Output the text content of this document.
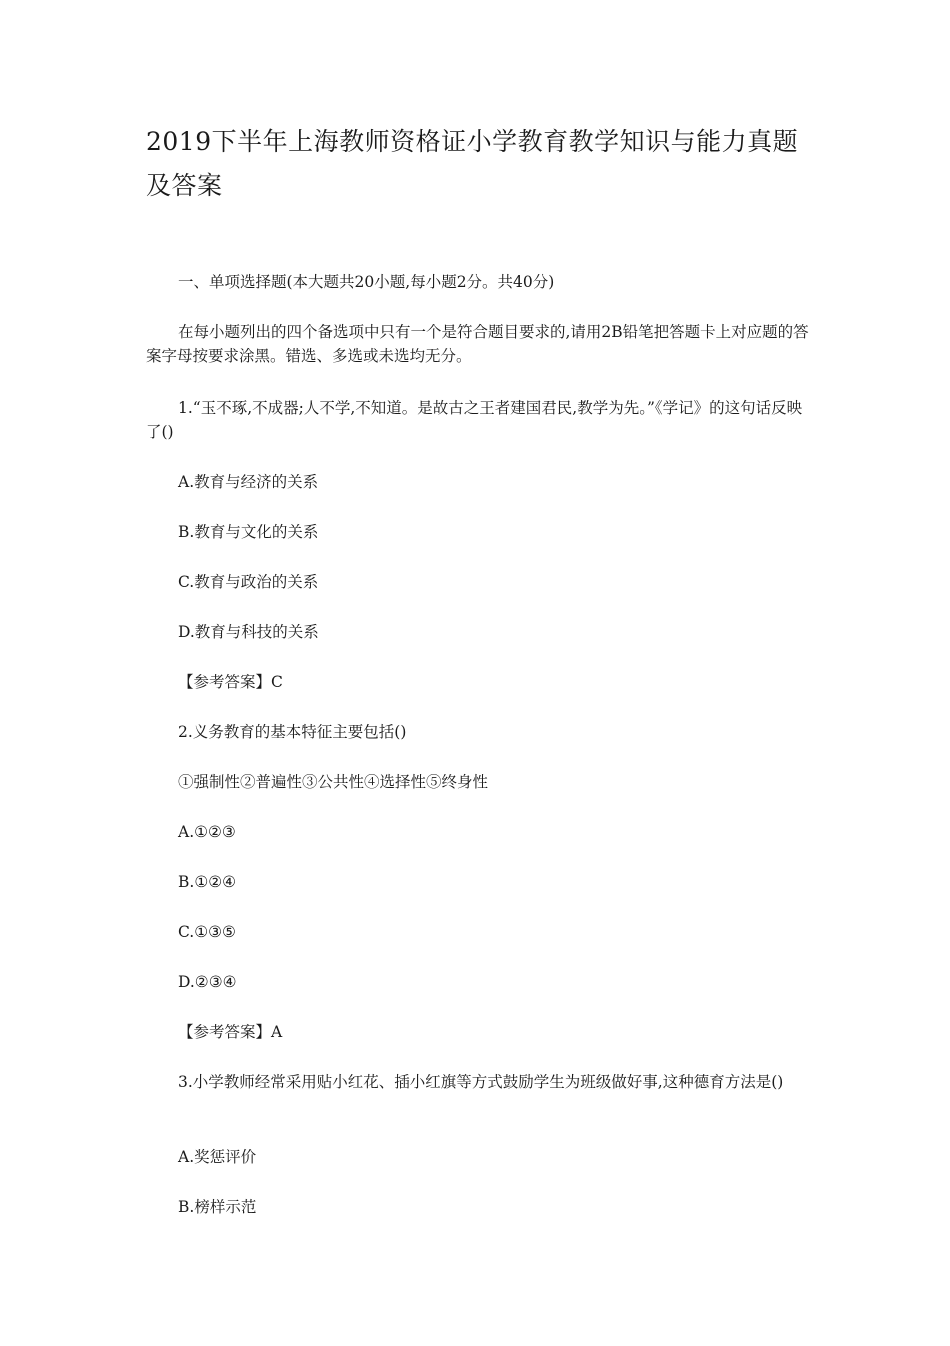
2019下半年上海教师资格证小学教育教学知识与能力真题及答案

一、单项选择题(本大题共20小题,每小题2分。共40分)

在每小题列出的四个备选项中只有一个是符合题目要求的,请用2B铅笔把答题卡上对应题的答案字母按要求涂黑。错选、多选或未选均无分。

1.“玉不琢,不成器;人不学,不知道。是故古之王者建国君民,教学为先。”《学记》的这句话反映了()

A.教育与经济的关系

B.教育与文化的关系

C.教育与政治的关系

D.教育与科技的关系

【参考答案】C

2.义务教育的基本特征主要包括()

①强制性②普遍性③公共性④选择性⑤终身性

A.①②③

B.①②④

C.①③⑤

D.②③④

【参考答案】A

3.小学教师经常采用贴小红花、插小红旗等方式鼓励学生为班级做好事,这种德育方法是()

A.奖惩评价

B.榜样示范
